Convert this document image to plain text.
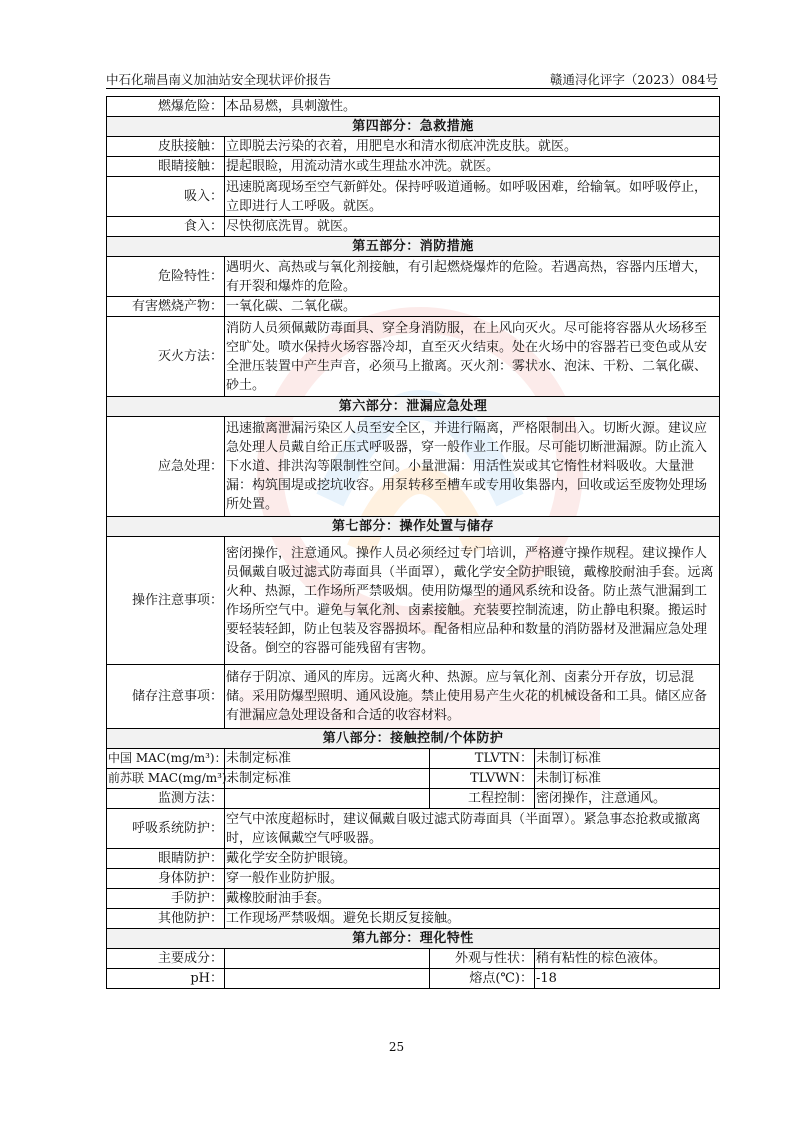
中石化瑞昌南义加油站安全现状评价报告	赣通浔化评字（2023）084号
燃爆危险：	本品易燃，具刺激性。		
第四部分：急救措施			
皮肤接触：	立即脱去污染的衣着，用肥皂水和清水彻底冲洗皮肤。就医。		
眼睛接触：	提起眼睑，用流动清水或生理盐水冲洗。就医。		
吸入：	迅速脱离现场至空气新鲜处。保持呼吸道通畅。如呼吸困难，给输氧。如呼吸停止，立即进行人工呼吸。就医。		
食入：	尽快彻底洗胃。就医。		
第五部分：消防措施			
危险特性：	遇明火、高热或与氧化剂接触，有引起燃烧爆炸的危险。若遇高热，容器内压增大，有开裂和爆炸的危险。		
有害燃烧产物：	一氧化碳、二氧化碳。		
灭火方法：	消防人员须佩戴防毒面具、穿全身消防服，在上风向灭火。尽可能将容器从火场移至空旷处。喷水保持火场容器冷却，直至灭火结束。处在火场中的容器若已变色或从安全泄压装置中产生声音，必须马上撤离。灭火剂：雾状水、泡沫、干粉、二氧化碳、砂土。		
第六部分：泄漏应急处理			
应急处理：	迅速撤离泄漏污染区人员至安全区，并进行隔离，严格限制出入。切断火源。建议应急处理人员戴自给正压式呼吸器，穿一般作业工作服。尽可能切断泄漏源。防止流入下水道、排洪沟等限制性空间。小量泄漏：用活性炭或其它惰性材料吸收。大量泄漏：构筑围堤或挖坑收容。用泵转移至槽车或专用收集器内，回收或运至废物处理场所处置。		
第七部分：操作处置与储存			
操作注意事项：	密闭操作，注意通风。操作人员必须经过专门培训，严格遵守操作规程。建议操作人员佩戴自吸过滤式防毒面具（半面罩），戴化学安全防护眼镜，戴橡胶耐油手套。远离火种、热源，工作场所严禁吸烟。使用防爆型的通风系统和设备。防止蒸气泄漏到工作场所空气中。避免与氧化剂、卤素接触。充装要控制流速，防止静电积聚。搬运时要轻装轻卸，防止包装及容器损坏。配备相应品种和数量的消防器材及泄漏应急处理设备。倒空的容器可能残留有害物。		
储存注意事项：	储存于阴凉、通风的库房。远离火种、热源。应与氧化剂、卤素分开存放，切忌混储。采用防爆型照明、通风设施。禁止使用易产生火花的机械设备和工具。储区应备有泄漏应急处理设备和合适的收容材料。		
第八部分：接触控制/个体防护			
中国 MAC(mg/m³)：	未制定标准	TLVTN：	未制订标准
前苏联 MAC(mg/m³)：	未制定标准	TLVWN：	未制订标准
监测方法：		工程控制：	密闭操作，注意通风。
呼吸系统防护：	空气中浓度超标时，建议佩戴自吸过滤式防毒面具（半面罩）。紧急事态抢救或撤离时，应该佩戴空气呼吸器。		
眼睛防护：	戴化学安全防护眼镜。		
身体防护：	穿一般作业防护服。		
手防护：	戴橡胶耐油手套。		
其他防护：	工作现场严禁吸烟。避免长期反复接触。		
第九部分：理化特性			
主要成分：		外观与性状：	稍有粘性的棕色液体。
pH：		熔点(℃)：	-18
25
